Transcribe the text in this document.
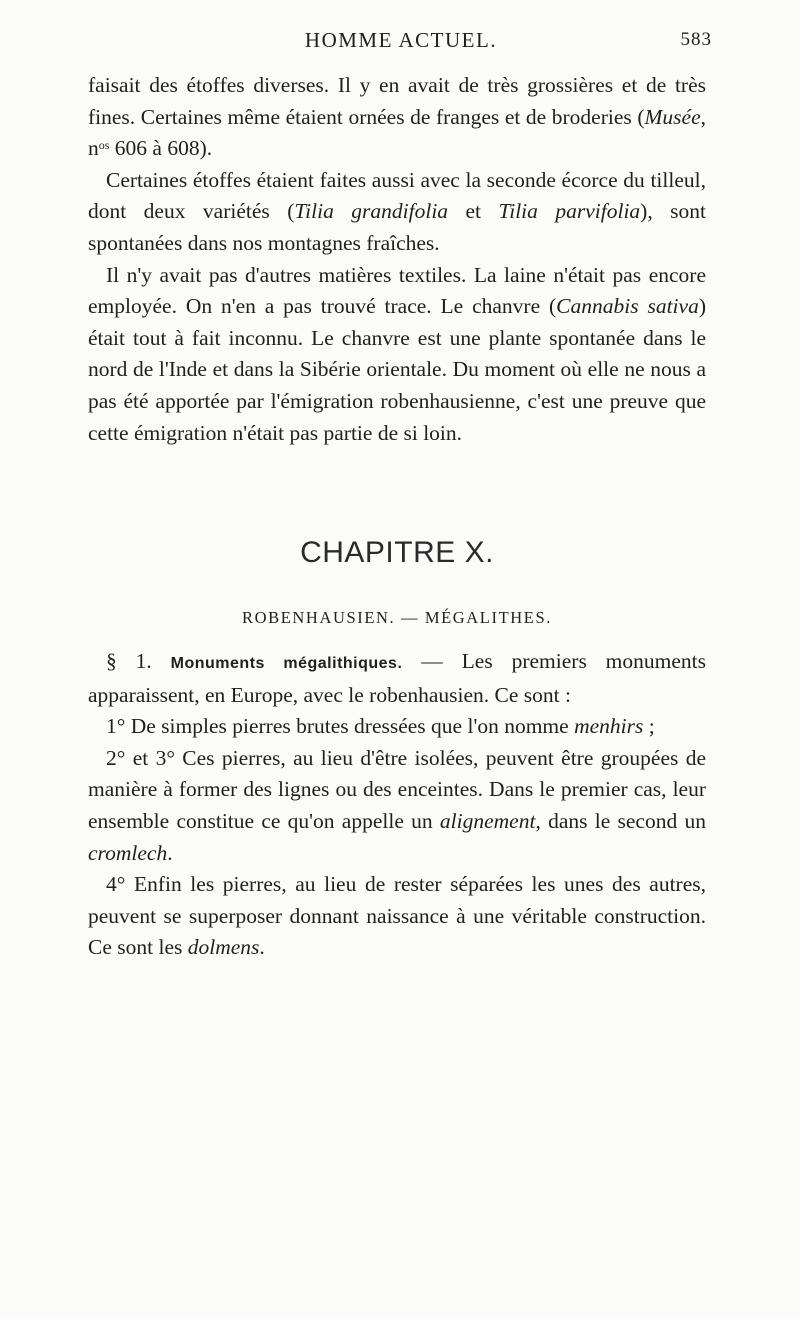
HOMME ACTUEL.	583

faisait des étoffes diverses. Il y en avait de très grossières et de très fines. Certaines même étaient ornées de franges et de broderies (Musée, $n^{os}$ 606 à 608).

Certaines étoffes étaient faites aussi avec la seconde écorce du tilleul, dont deux variétés (Tilia grandifolia et Tilia parvifolia), sont spontanées dans nos montagnes fraîches.

Il n'y avait pas d'autres matières textiles. La laine n'était pas encore employée. On n'en a pas trouvé trace. Le chanvre (Cannabis sativa) était tout à fait inconnu. Le chanvre est une plante spontanée dans le nord de l'Inde et dans la Sibérie orientale. Du moment où elle ne nous a pas été apportée par l'émigration robenhausienne, c'est une preuve que cette émigration n'était pas partie de si loin.

CHAPITRE X.
ROBENHAUSIEN. — MÉGALITHES.

§ 1. Monuments mégalithiques. — Les premiers monuments apparaissent, en Europe, avec le robenhausien. Ce sont :

1° De simples pierres brutes dressées que l'on nomme menhirs ;

2° et 3° Ces pierres, au lieu d'être isolées, peuvent être groupées de manière à former des lignes ou des enceintes. Dans le premier cas, leur ensemble constitue ce qu'on appelle un alignement, dans le second un cromlech.

4° Enfin les pierres, au lieu de rester séparées les unes des autres, peuvent se superposer donnant naissance à une véritable construction. Ce sont les dolmens.
